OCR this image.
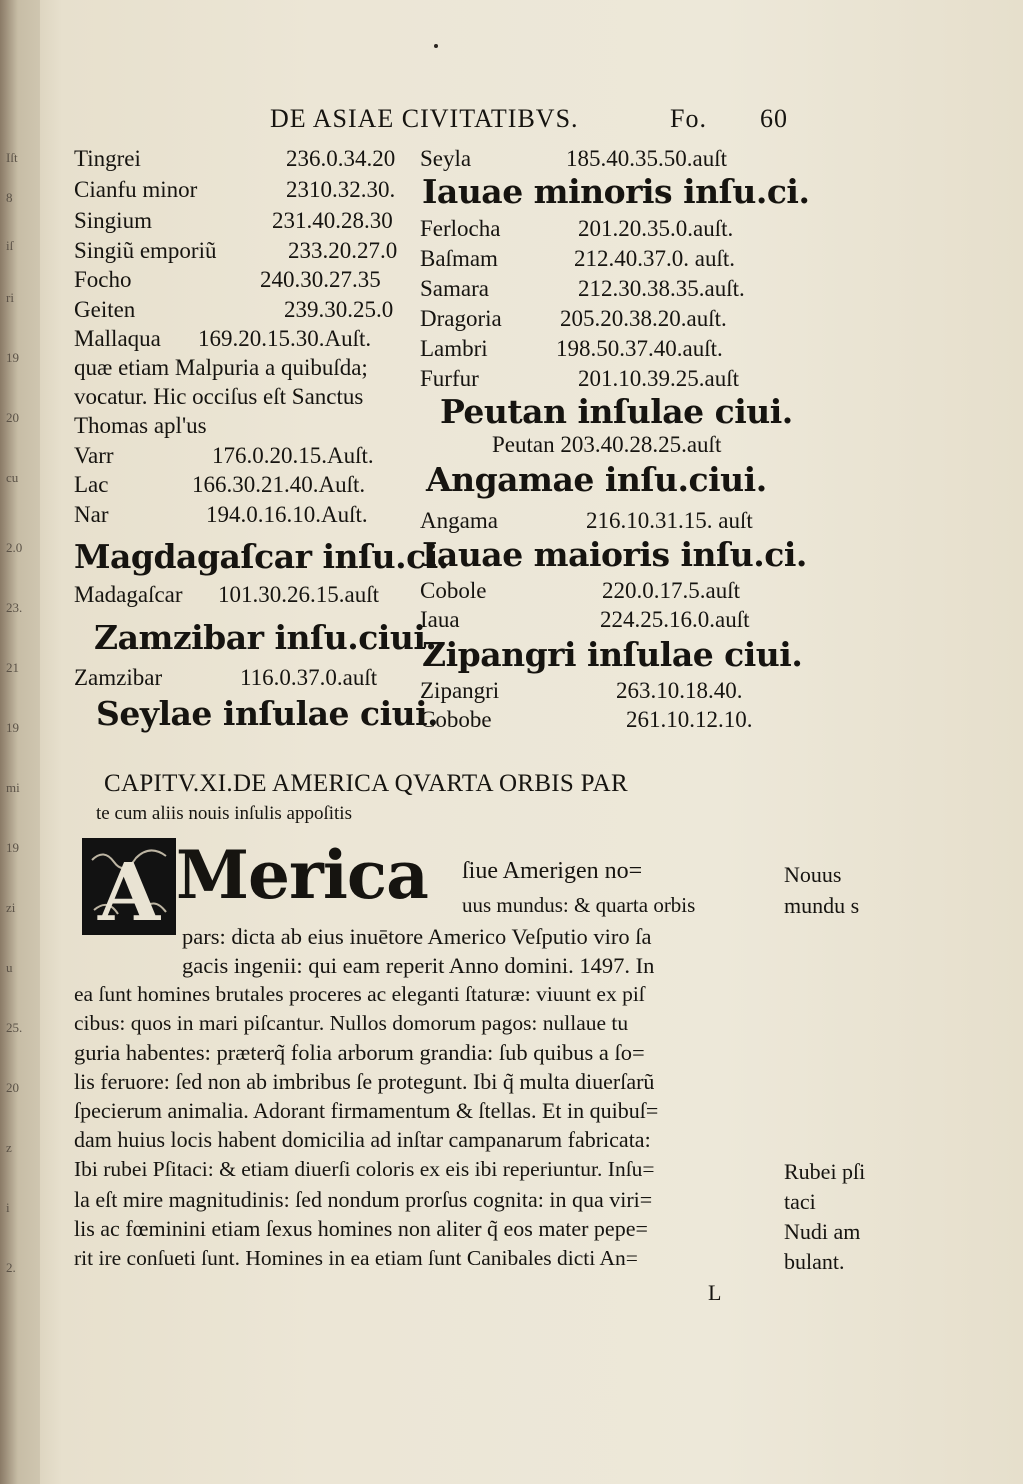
DE ASIAE CIVITATIBVS.	Fo. 60
Tingrei	236.0.34.20
Cianfu minor	2310.32.30.
Singium	231.40.28.30
Singiũ emporiũ	233.20.27.0
Focho	240.30.27.35
Geiten	239.30.25.0
Mallaqua 169.20.15.30.Auſt.
quæ etiam Malpuria a quibuſda;
vocatur. Hic occiſus eſt Sanctus
Thomas apl'us
Varr	176.0.20.15.Auſt.
Lac	166.30.21.40.Auſt.
Nar	194.0.16.10.Auſt.
Magdagaſcar inſu.ci.
Madagaſcar 101.30.26.15.auſt
Zamzibar inſu.ciui.
Zamzibar	116.0.37.0.auſt
Seylae inſulae ciui.
Seyla	185.40.35.50.auſt
Iauae minoris inſu.ci.
Ferlocha	201.20.35.0.auſt.
Baſmam	212.40.37.0. auſt.
Samara	212.30.38.35.auſt.
Dragoria	205.20.38.20.auſt.
Lambri	198.50.37.40.auſt.
Furfur	201.10.39.25.auſt
Peutan inſulae ciui.
Peutan 203.40.28.25.auſt
Angamae inſu.ciui.
Angama	216.10.31.15. auſt
Iauae maioris inſu.ci.
Cobole	220.0.17.5.auſt
Iaua	224.25.16.0.auſt
Zipangri inſulae ciui.
Zipangri	263.10.18.40.
Cobobe	261.10.12.10.
CAPITV.XI.DE AMERICA QVARTA ORBIS PAR
te cum aliis nouis inſulis appoſitis
A Merica ſiue Amerigen no=
uus mundus: & quarta orbis
pars: dicta ab eius inuētore Americo Veſputio viro ſa
gacis ingenii: qui eam reperit Anno domini. 1497. In
ea ſunt homines brutales proceres ac eleganti ſtaturæ: viuunt ex piſ
cibus: quos in mari piſcantur. Nullos domorum pagos: nullaue tu
guria habentes: præterq̃ folia arborum grandia: ſub quibus a ſo=
lis feruore: ſed non ab imbribus ſe protegunt. Ibi q̃ multa diuerſarũ
ſpecierum animalia. Adorant firmamentum & ſtellas. Et in quibuſ=
dam huius locis habent domicilia ad inſtar campanarum fabricata:
Ibi rubei Pſitaci: & etiam diuerſi coloris ex eis ibi reperiuntur. Inſu=
la eſt mire magnitudinis: ſed nondum prorſus cognita: in qua viri=
lis ac fœminini etiam ſexus homines non aliter q̃ eos mater pepe=
rit ire conſueti ſunt. Homines in ea etiam ſunt Canibales dicti An=
L
Nouus
mundu s
Rubei pſi
taci
Nudi am
bulant.
Iſt
8
iſ
ri
19
20
cu
2.0
23.
21
19
mi
19
zi
u
25.
20
z
i
2.
